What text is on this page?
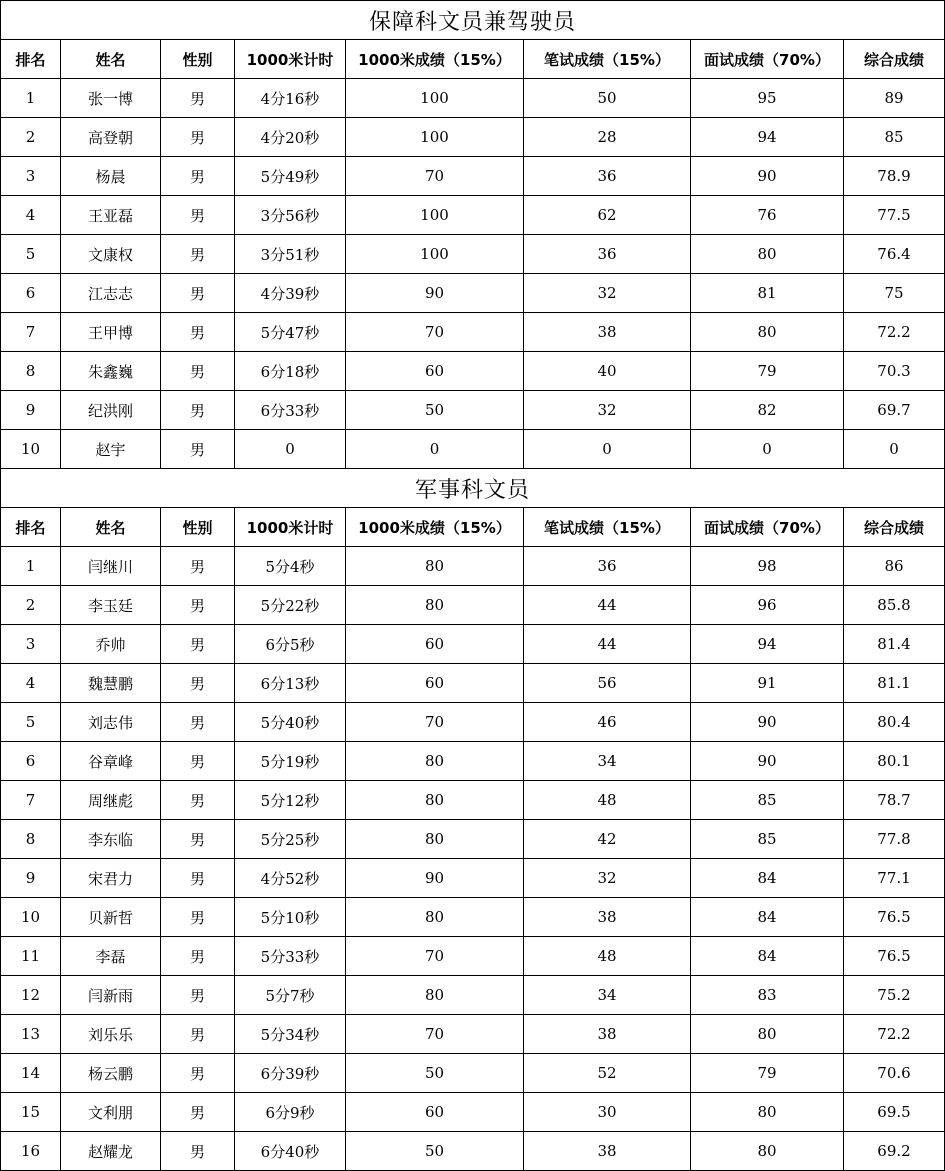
保障科文员兼驾驶员							
排名	姓名	性别	1000米计时	1000米成绩（15%）	笔试成绩（15%）	面试成绩（70%）	综合成绩
1	张一博	男	4分16秒	100	50	95	89
2	高登朝	男	4分20秒	100	28	94	85
3	杨晨	男	5分49秒	70	36	90	78.9
4	王亚磊	男	3分56秒	100	62	76	77.5
5	文康权	男	3分51秒	100	36	80	76.4
6	江志志	男	4分39秒	90	32	81	75
7	王甲博	男	5分47秒	70	38	80	72.2
8	朱鑫巍	男	6分18秒	60	40	79	70.3
9	纪洪刚	男	6分33秒	50	32	82	69.7
10	赵宇	男	0	0	0	0	0
军事科文员							
排名	姓名	性别	1000米计时	1000米成绩（15%）	笔试成绩（15%）	面试成绩（70%）	综合成绩
1	闫继川	男	5分4秒	80	36	98	86
2	李玉廷	男	5分22秒	80	44	96	85.8
3	乔帅	男	6分5秒	60	44	94	81.4
4	魏慧鹏	男	6分13秒	60	56	91	81.1
5	刘志伟	男	5分40秒	70	46	90	80.4
6	谷章峰	男	5分19秒	80	34	90	80.1
7	周继彪	男	5分12秒	80	48	85	78.7
8	李东临	男	5分25秒	80	42	85	77.8
9	宋君力	男	4分52秒	90	32	84	77.1
10	贝新哲	男	5分10秒	80	38	84	76.5
11	李磊	男	5分33秒	70	48	84	76.5
12	闫新雨	男	5分7秒	80	34	83	75.2
13	刘乐乐	男	5分34秒	70	38	80	72.2
14	杨云鹏	男	6分39秒	50	52	79	70.6
15	文利朋	男	6分9秒	60	30	80	69.5
16	赵耀龙	男	6分40秒	50	38	80	69.2
